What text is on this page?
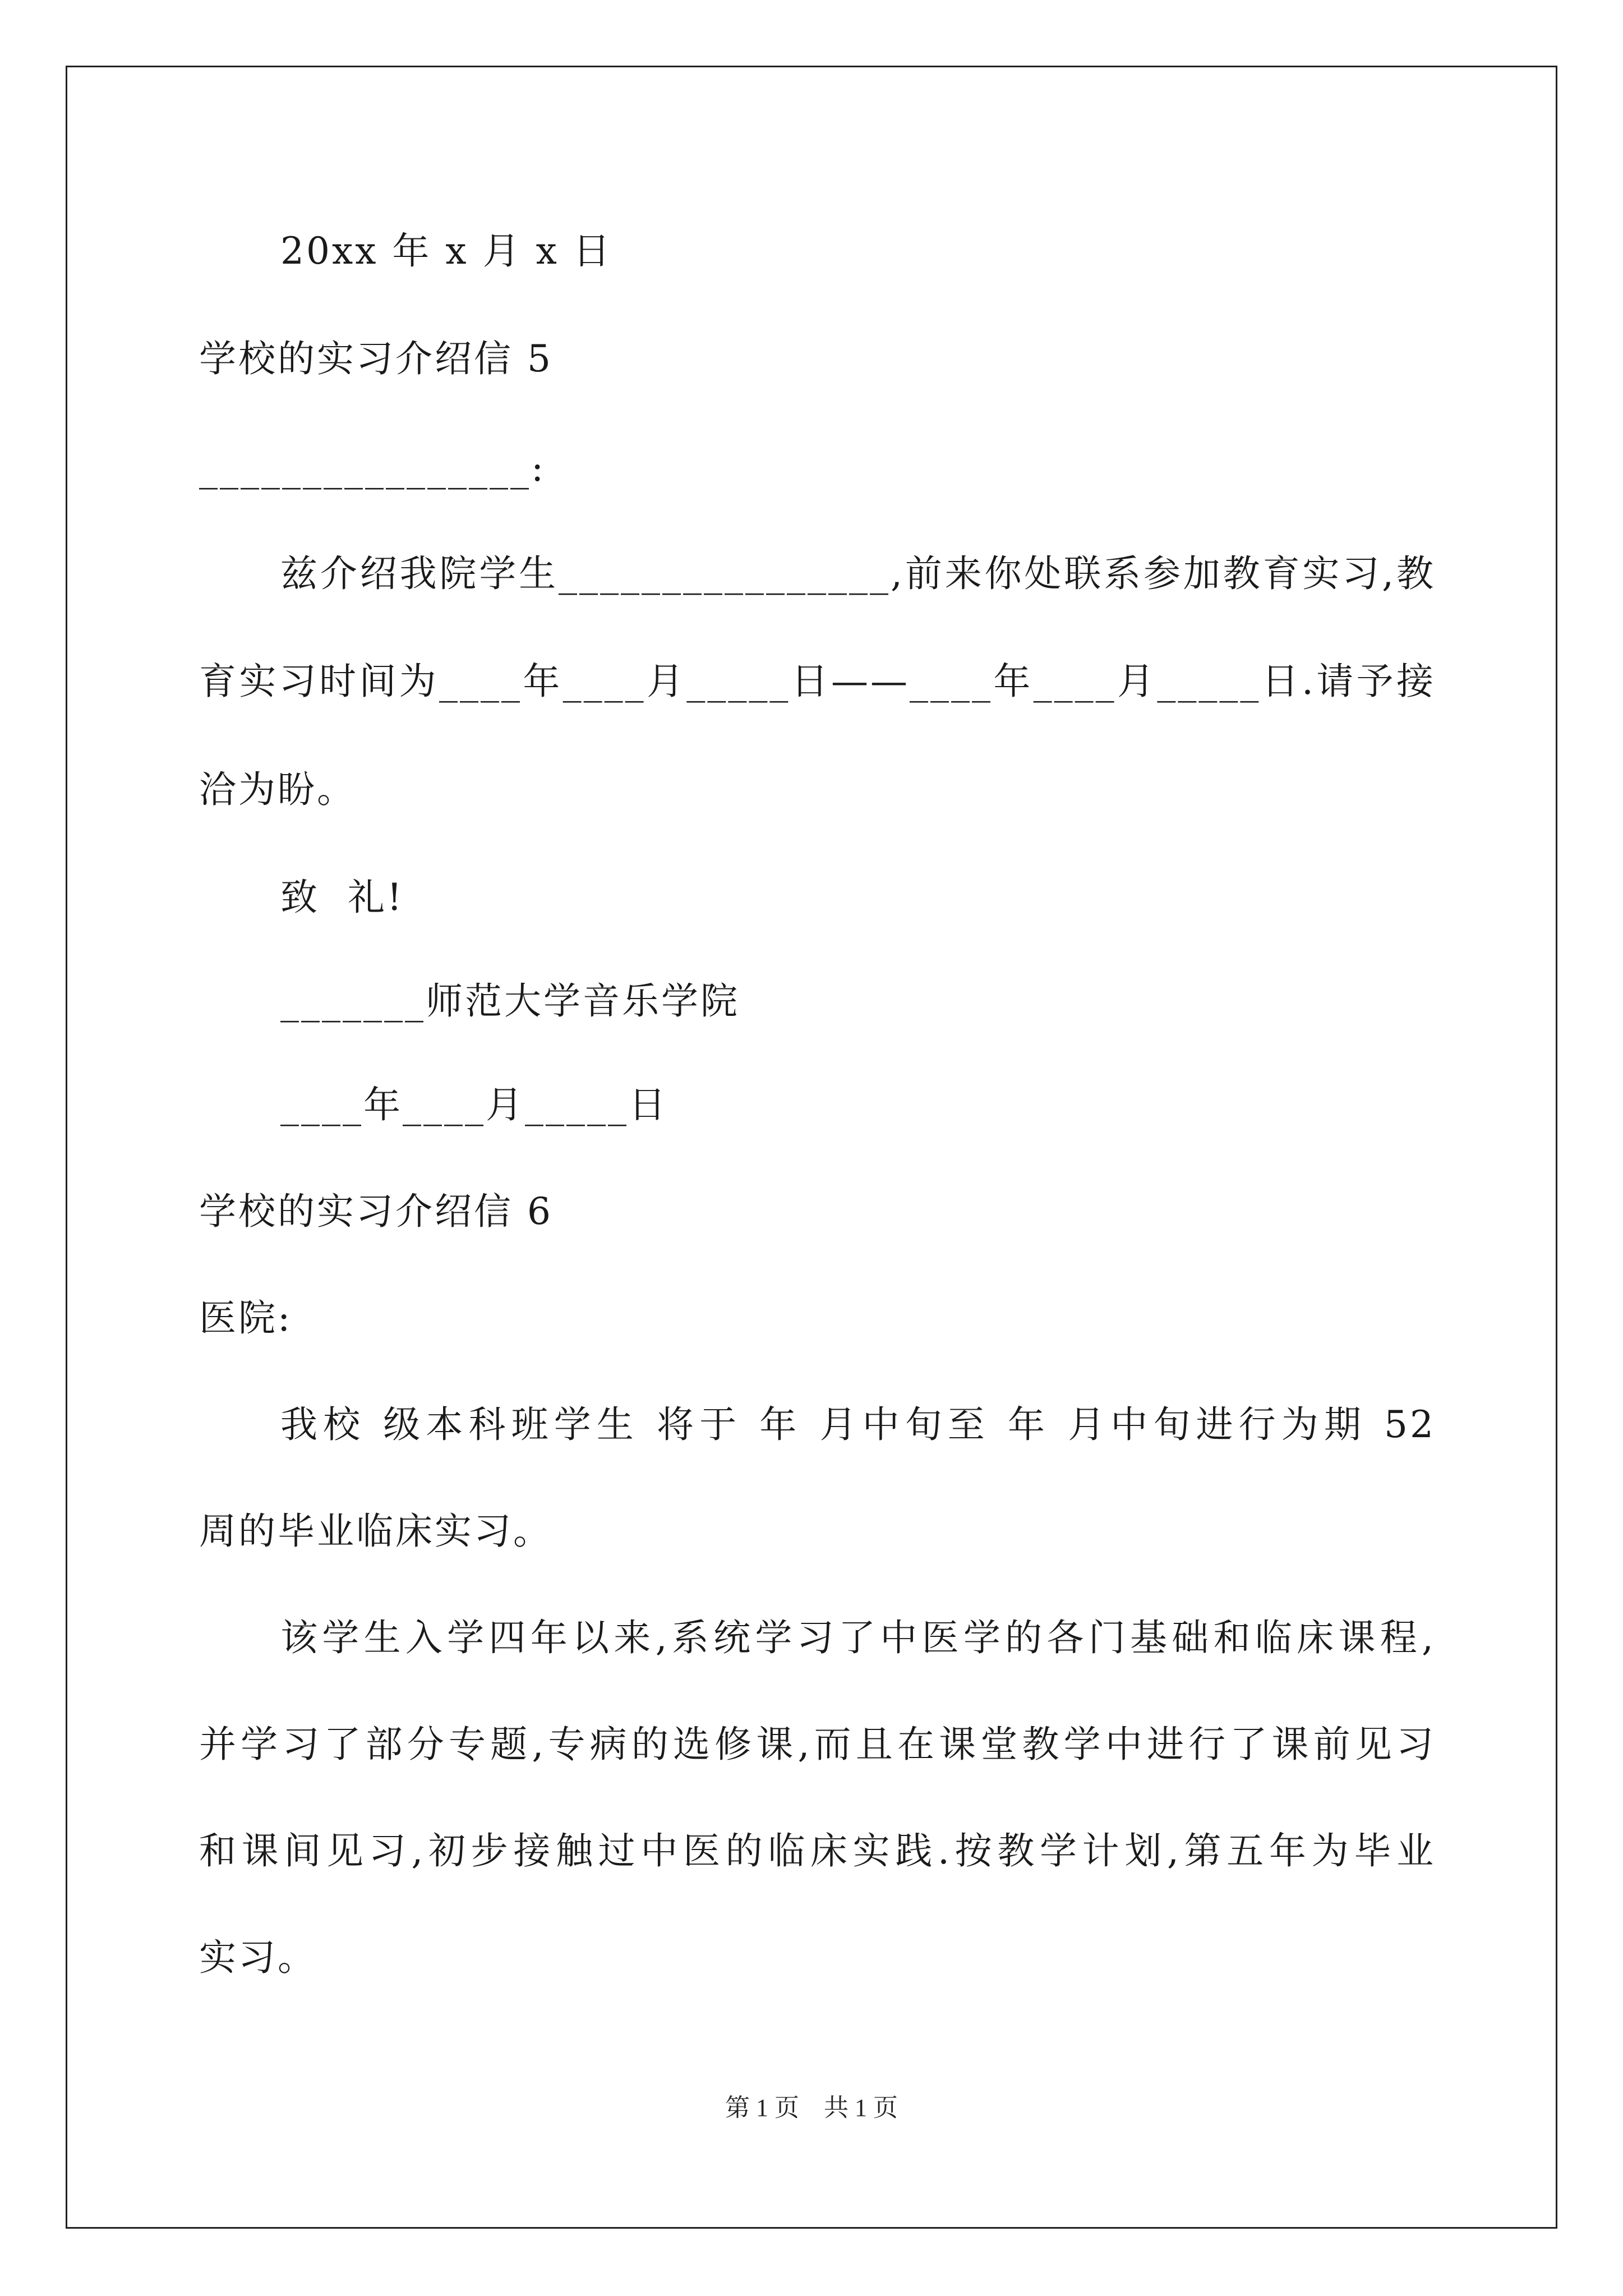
20xx 年 x 月 x 日
学校的实习介绍信 5
________________:
兹介绍我院学生________________,前来你处联系参加教育实习,教
育实习时间为____年____月_____日——____年____月_____日.请予接
洽为盼。
致  礼!
_______师范大学音乐学院
____年____月_____日
学校的实习介绍信 6
医院:
我校 级本科班学生 将于 年 月中旬至 年 月中旬进行为期 52
周的毕业临床实习。
该学生入学四年以来,系统学习了中医学的各门基础和临床课程,
并学习了部分专题,专病的选修课,而且在课堂教学中进行了课前见习
和课间见习,初步接触过中医的临床实践.按教学计划,第五年为毕业
实习。
第 1 页    共 1 页
